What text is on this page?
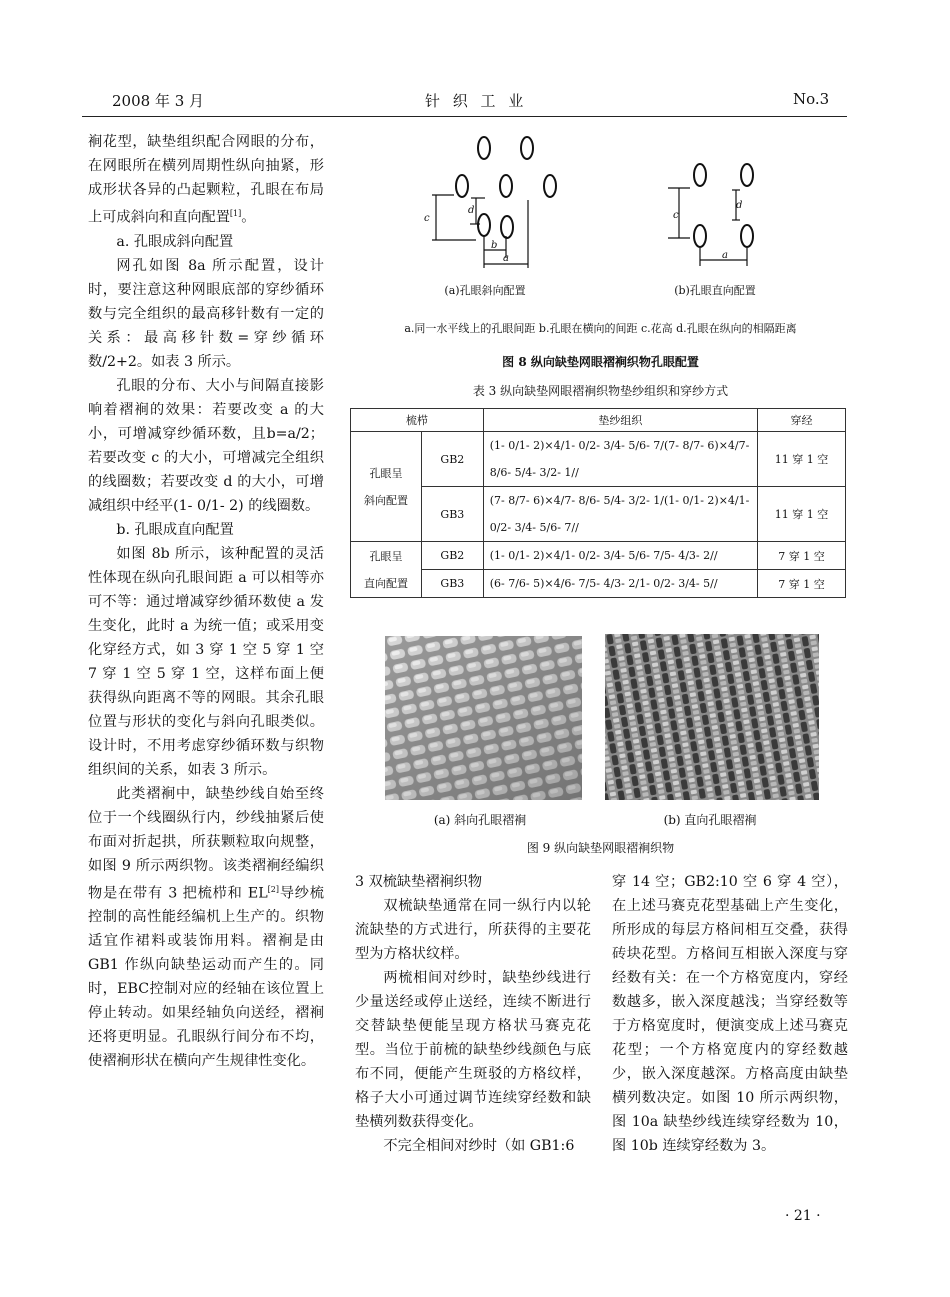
2008 年 3 月	针 织 工 业	No.3

裥花型，缺垫组织配合网眼的分布，在网眼所在横列周期性纵向抽紧，形成形状各异的凸起颗粒，孔眼在布局上可成斜向和直向配置[1]。

a. 孔眼成斜向配置

网孔如图 8a 所示配置，设计时，要注意这种网眼底部的穿纱循环数与完全组织的最高移针数有一定的关系：最高移针数=穿纱循环数/2+2。如表 3 所示。

孔眼的分布、大小与间隔直接影响着褶裥的效果：若要改变 a 的大小，可增减穿纱循环数，且b=a/2；若要改变 c 的大小，可增减完全组织的线圈数；若要改变 d 的大小，可增减组织中经平(1- 0/1- 2) 的线圈数。

b. 孔眼成直向配置

如图 8b 所示，该种配置的灵活性体现在纵向孔眼间距 a 可以相等亦可不等：通过增减穿纱循环数使 a 发生变化，此时 a 为统一值；或采用变化穿经方式，如 3 穿 1 空 5 穿 1 空 7 穿 1 空 5 穿 1 空，这样布面上便获得纵向距离不等的网眼。其余孔眼位置与形状的变化与斜向孔眼类似。设计时，不用考虑穿纱循环数与织物组织间的关系，如表 3 所示。

此类褶裥中，缺垫纱线自始至终位于一个线圈纵行内，纱线抽紧后使布面对折起拱，所获颗粒取向规整，如图 9 所示两织物。该类褶裥经编织物是在带有 3 把梳栉和 EL[2]导纱梳控制的高性能经编机上生产的。织物适宜作裙料或装饰用料。褶裥是由 GB1 作纵向缺垫运动而产生的。同时，EBC控制对应的经轴在该位置上停止转动。如果经轴负向送经，褶裥还将更明显。孔眼纵行间分布不均，使褶裥形状在横向产生规律性变化。

c
d
b
a
c
d
a
(a)孔眼斜向配置	(b)孔眼直向配置
a.同一水平线上的孔眼间距 b.孔眼在横向的间距 c.花高 d.孔眼在纵向的相隔距离
图 8 纵向缺垫网眼褶裥织物孔眼配置
表 3 纵向缺垫网眼褶裥织物垫纱组织和穿纱方式
梳栉		垫纱组织	穿经
孔眼呈
斜向配置	GB2	(1- 0/1- 2)×4/1- 0/2- 3/4- 5/6- 7/(7- 8/7- 6)×4/7- 8/6- 5/4- 3/2- 1//	11 穿 1 空
	GB3	(7- 8/7- 6)×4/7- 8/6- 5/4- 3/2- 1/(1- 0/1- 2)×4/1- 0/2- 3/4- 5/6- 7//	11 穿 1 空
孔眼呈
直向配置	GB2	(1- 0/1- 2)×4/1- 0/2- 3/4- 5/6- 7/5- 4/3- 2//	7 穿 1 空
	GB3	(6- 7/6- 5)×4/6- 7/5- 4/3- 2/1- 0/2- 3/4- 5//	7 穿 1 空
(a) 斜向孔眼褶裥	(b) 直向孔眼褶裥
图 9 纵向缺垫网眼褶裥织物

3 双梳缺垫褶裥织物

双梳缺垫通常在同一纵行内以轮流缺垫的方式进行，所获得的主要花型为方格状纹样。

两梳相间对纱时，缺垫纱线进行少量送经或停止送经，连续不断进行交替缺垫便能呈现方格状马赛克花型。当位于前梳的缺垫纱线颜色与底布不同，便能产生斑驳的方格纹样，格子大小可通过调节连续穿经数和缺垫横列数获得变化。

不完全相间对纱时（如 GB1:6

穿 14 空；GB2:10 空 6 穿 4 空），在上述马赛克花型基础上产生变化，所形成的每层方格间相互交叠，获得砖块花型。方格间互相嵌入深度与穿经数有关：在一个方格宽度内，穿经数越多，嵌入深度越浅；当穿经数等于方格宽度时，便演变成上述马赛克花型；一个方格宽度内的穿经数越少，嵌入深度越深。方格高度由缺垫横列数决定。如图 10 所示两织物，图 10a 缺垫纱线连续穿经数为 10，图 10b 连续穿经数为 3。

· 21 ·
